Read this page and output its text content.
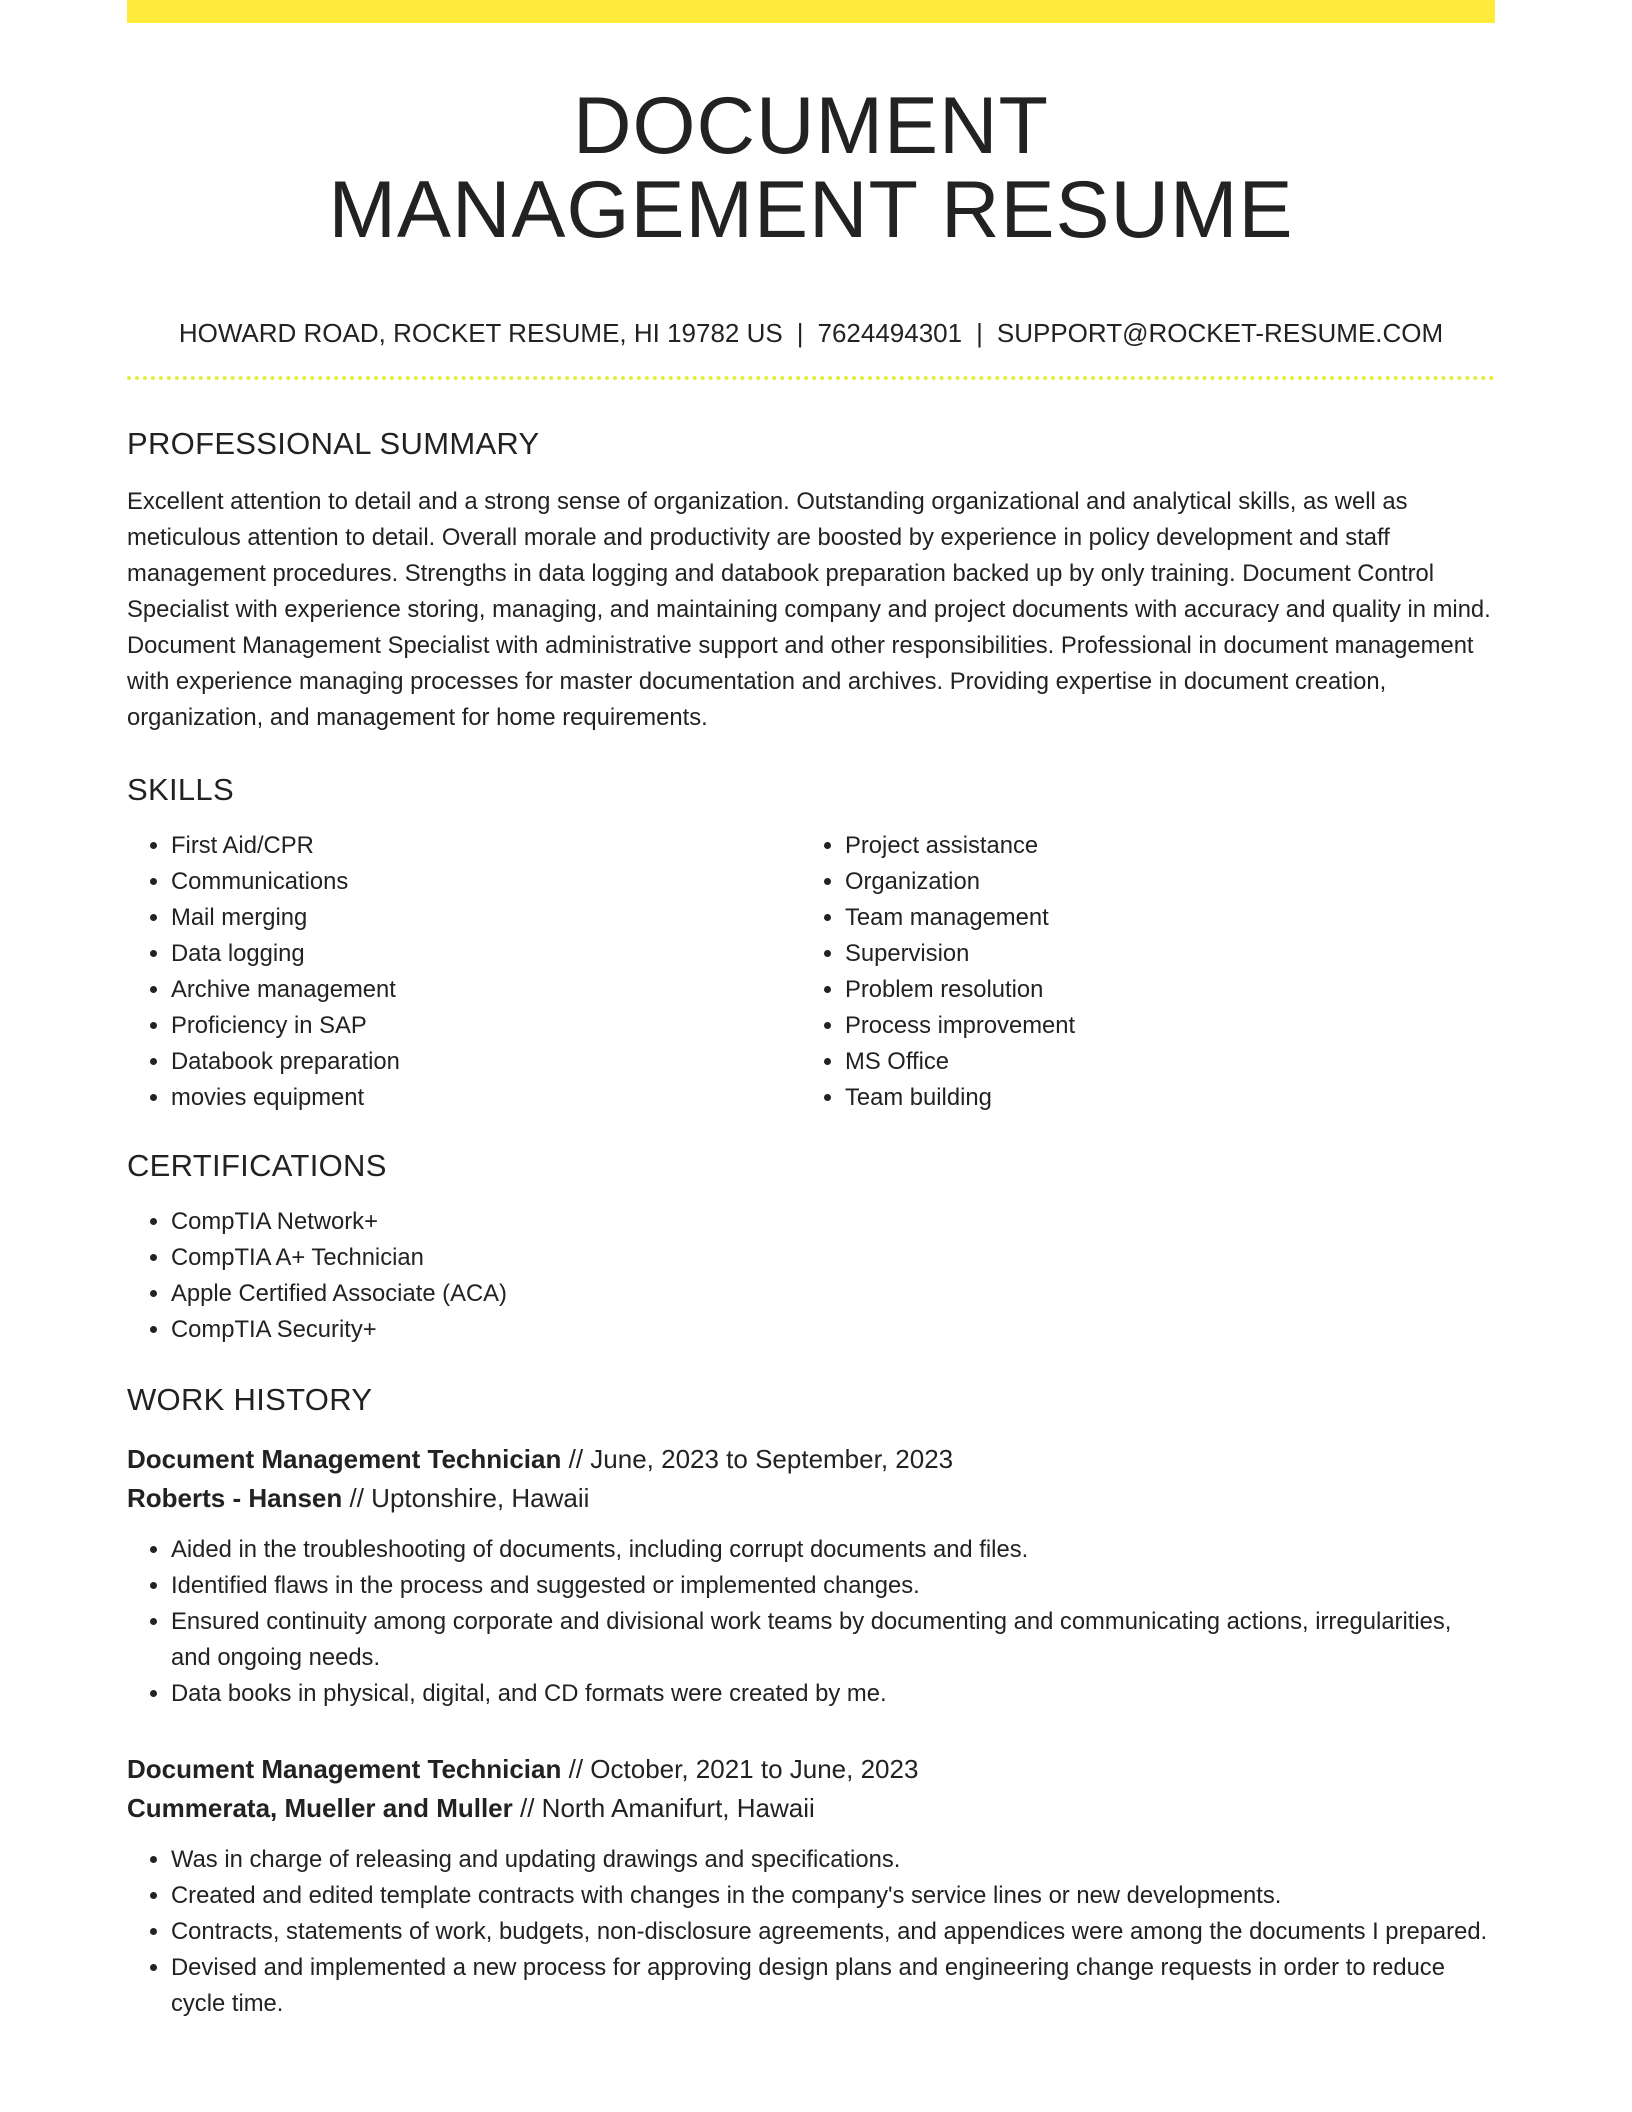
DOCUMENT
MANAGEMENT RESUME
HOWARD ROAD, ROCKET RESUME, HI 19782 US | 7624494301 | SUPPORT@ROCKET-RESUME.COM
PROFESSIONAL SUMMARY
Excellent attention to detail and a strong sense of organization. Outstanding organizational and analytical skills, as well as meticulous attention to detail. Overall morale and productivity are boosted by experience in policy development and staff management procedures. Strengths in data logging and databook preparation backed up by only training. Document Control Specialist with experience storing, managing, and maintaining company and project documents with accuracy and quality in mind. Document Management Specialist with administrative support and other responsibilities. Professional in document management with experience managing processes for master documentation and archives. Providing expertise in document creation, organization, and management for home requirements.
SKILLS
• First Aid/CPR
• Communications
• Mail merging
• Data logging
• Archive management
• Proficiency in SAP
• Databook preparation
• movies equipment
• Project assistance
• Organization
• Team management
• Supervision
• Problem resolution
• Process improvement
• MS Office
• Team building
CERTIFICATIONS
• CompTIA Network+
• CompTIA A+ Technician
• Apple Certified Associate (ACA)
• CompTIA Security+
WORK HISTORY
Document Management Technician // June, 2023 to September, 2023
Roberts - Hansen // Uptonshire, Hawaii
• Aided in the troubleshooting of documents, including corrupt documents and files.
• Identified flaws in the process and suggested or implemented changes.
• Ensured continuity among corporate and divisional work teams by documenting and communicating actions, irregularities, and ongoing needs.
• Data books in physical, digital, and CD formats were created by me.
Document Management Technician // October, 2021 to June, 2023
Cummerata, Mueller and Muller // North Amanifurt, Hawaii
• Was in charge of releasing and updating drawings and specifications.
• Created and edited template contracts with changes in the company's service lines or new developments.
• Contracts, statements of work, budgets, non-disclosure agreements, and appendices were among the documents I prepared.
• Devised and implemented a new process for approving design plans and engineering change requests in order to reduce cycle time.
